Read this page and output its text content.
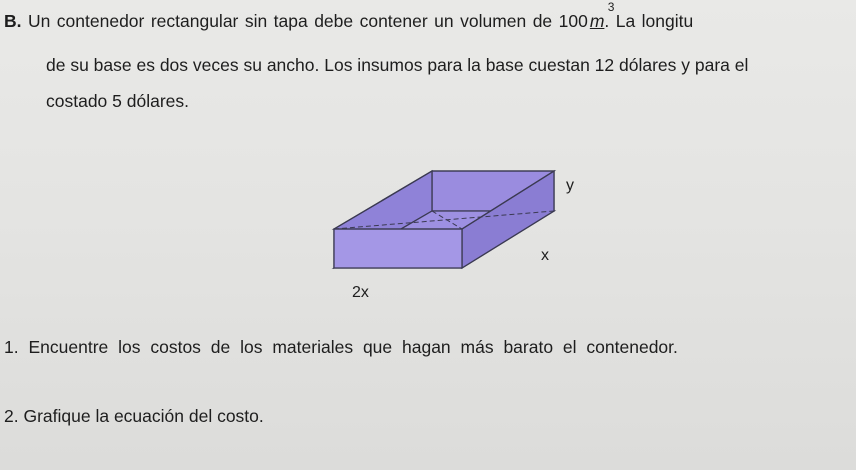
B. Un contenedor rectangular sin tapa debe contener un volumen de 100 m
3
. La longitu
de su base es dos veces su ancho. Los insumos para la base cuestan 12 dólares y para el
costado 5 dólares.
y
x
2x
1. Encuentre los costos de los materiales que hagan más barato el contenedor.
2. Grafique la ecuación del costo.
